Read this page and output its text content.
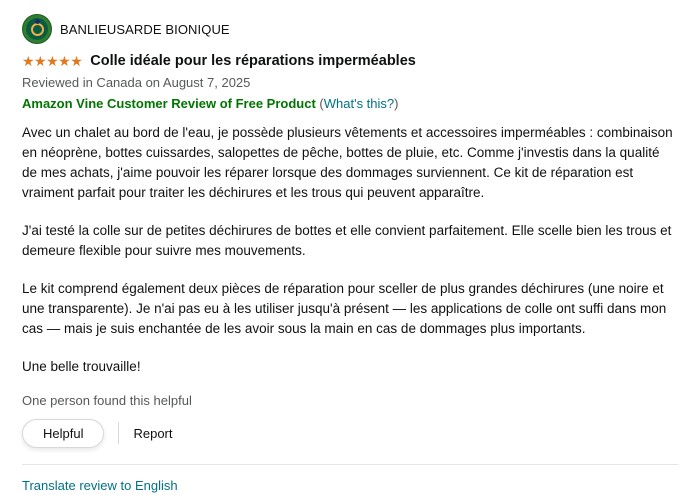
BANLIEUSARDE BIONIQUE
★★★★★ Colle idéale pour les réparations imperméables
Reviewed in Canada on August 7, 2025
Amazon Vine Customer Review of Free Product (What's this?)

Avec un chalet au bord de l'eau, je possède plusieurs vêtements et accessoires imperméables : combinaison en néoprène, bottes cuissardes, salopettes de pêche, bottes de pluie, etc. Comme j'investis dans la qualité de mes achats, j'aime pouvoir les réparer lorsque des dommages surviennent. Ce kit de réparation est vraiment parfait pour traiter les déchirures et les trous qui peuvent apparaître.

J'ai testé la colle sur de petites déchirures de bottes et elle convient parfaitement. Elle scelle bien les trous et demeure flexible pour suivre mes mouvements.

Le kit comprend également deux pièces de réparation pour sceller de plus grandes déchirures (une noire et une transparente). Je n'ai pas eu à les utiliser jusqu'à présent — les applications de colle ont suffi dans mon cas — mais je suis enchantée de les avoir sous la main en cas de dommages plus importants.

Une belle trouvaille!

One person found this helpful
Helpful	Report
Translate review to English
